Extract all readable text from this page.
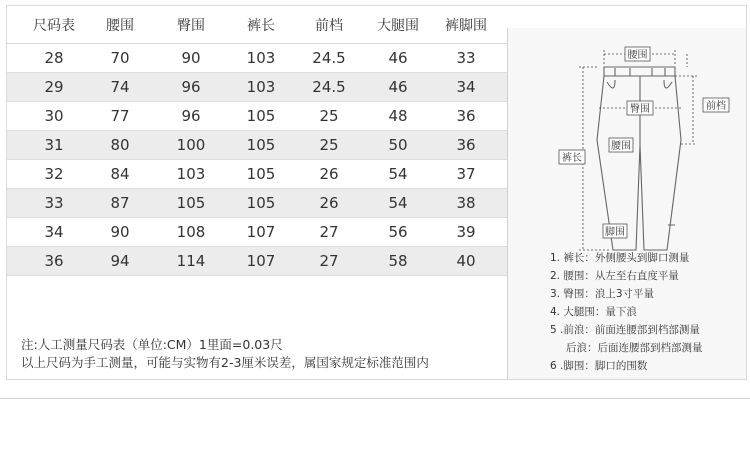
尺码表	腰围	臀围	裤长	前档	大腿围	裤脚围
28	70	90	103	24.5	46	33
29	74	96	103	24.5	46	34
30	77	96	105	25	48	36
31	80	100	105	25	50	36
32	84	103	105	26	54	37
33	87	105	105	26	54	38
34	90	108	107	27	56	39
36	94	114	107	27	58	40
注:人工测量尺码表（单位:CM）1里面=0.03尺
以上尺码为手工测量，可能与实物有2-3厘米误差，属国家规定标准范围内
腰围
前档
臀围
腰围
裤长
脚围
1. 裤长：外侧腰头到脚口测量
2. 腰围：从左至右直度平量
3. 臀围：浪上3寸平量
4. 大腿围：量下浪
5 .前浪：前面连腰部到档部测量
后浪：后面连腰部到档部测量
6 .脚围：脚口的围数
